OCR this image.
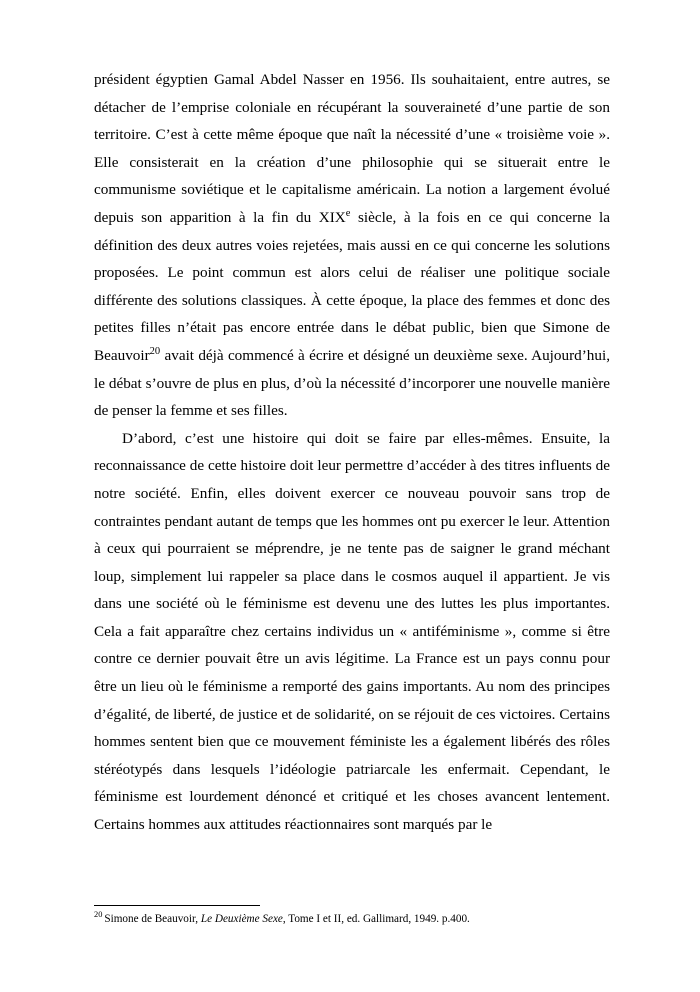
président égyptien Gamal Abdel Nasser en 1956. Ils souhaitaient, entre autres, se détacher de l’emprise coloniale en récupérant la souveraineté d’une partie de son territoire. C’est à cette même époque que naît la nécessité d’une « troisième voie ». Elle consisterait en la création d’une philosophie qui se situerait entre le communisme soviétique et le capitalisme américain. La notion a largement évolué depuis son apparition à la fin du XIXe siècle, à la fois en ce qui concerne la définition des deux autres voies rejetées, mais aussi en ce qui concerne les solutions proposées. Le point commun est alors celui de réaliser une politique sociale différente des solutions classiques. À cette époque, la place des femmes et donc des petites filles n’était pas encore entrée dans le débat public, bien que Simone de Beauvoir$^{20}$ avait déjà commencé à écrire et désigné un deuxième sexe. Aujourd’hui, le débat s’ouvre de plus en plus, d’où la nécessité d’incorporer une nouvelle manière de penser la femme et ses filles.

D’abord, c’est une histoire qui doit se faire par elles-mêmes. Ensuite, la reconnaissance de cette histoire doit leur permettre d’accéder à des titres influents de notre société. Enfin, elles doivent exercer ce nouveau pouvoir sans trop de contraintes pendant autant de temps que les hommes ont pu exercer le leur. Attention à ceux qui pourraient se méprendre, je ne tente pas de saigner le grand méchant loup, simplement lui rappeler sa place dans le cosmos auquel il appartient. Je vis dans une société où le féminisme est devenu une des luttes les plus importantes. Cela a fait apparaître chez certains individus un « antiféminisme », comme si être contre ce dernier pouvait être un avis légitime. La France est un pays connu pour être un lieu où le féminisme a remporté des gains importants. Au nom des principes d’égalité, de liberté, de justice et de solidarité, on se réjouit de ces victoires. Certains hommes sentent bien que ce mouvement féministe les a également libérés des rôles stéréotypés dans lesquels l’idéologie patriarcale les enfermait. Cependant, le féminisme est lourdement dénoncé et critiqué et les choses avancent lentement. Certains hommes aux attitudes réactionnaires sont marqués par le

$^{20}$ Simone de Beauvoir, Le Deuxième Sexe, Tome I et II, ed. Gallimard, 1949. p.400.
